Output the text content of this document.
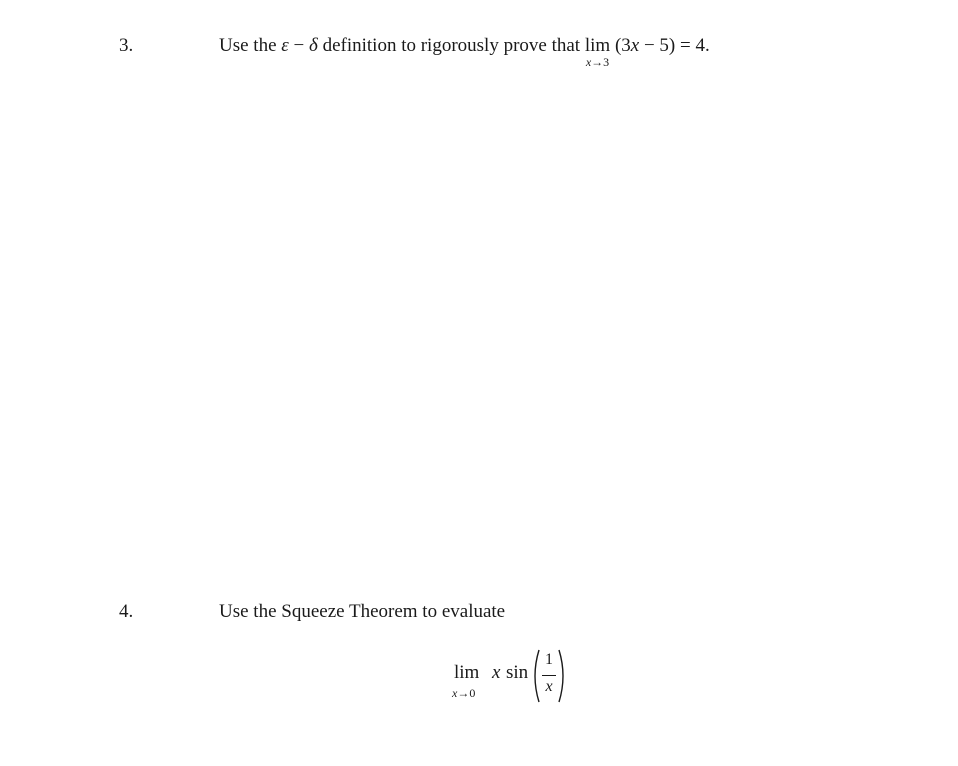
3.	Use the ε − δ definition to rigorously prove that lim
x→3
(3x − 5) = 4.
4.	Use the Squeeze Theorem to evaluate
lim
x→0
x sin
1
x
